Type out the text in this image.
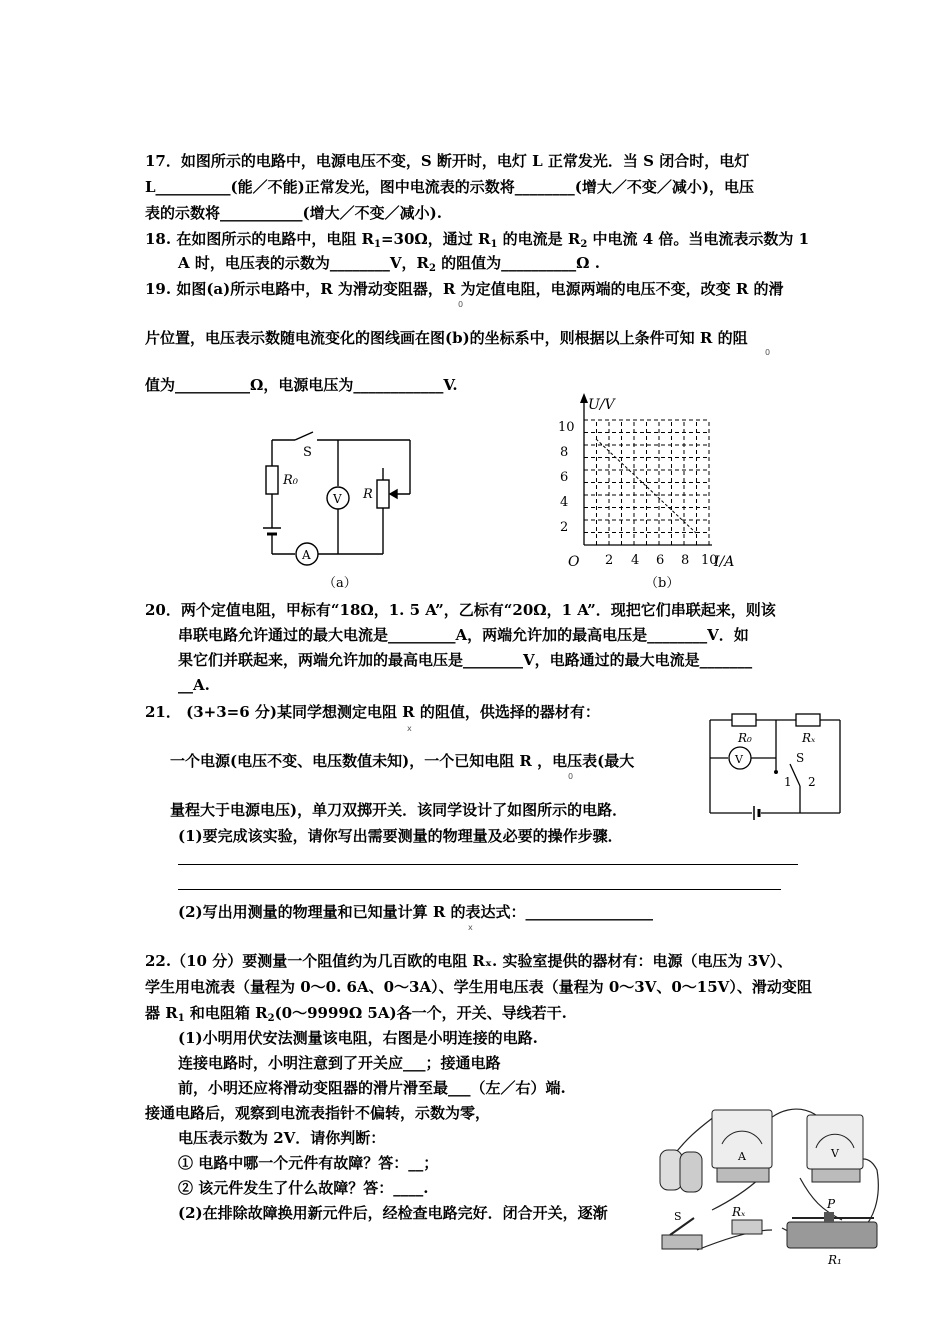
17．如图所示的电路中，电源电压不变，S 断开时，电灯 L 正常发光．当 S 闭合时，电灯
L__________(能／不能)正常发光，图中电流表的示数将________(增大／不变／减小)，电压
表的示数将___________(增大／不变／减小).
18. 在如图所示的电路中，电阻 $R_1=30\Omega$，通过 $R_1$ 的电流是 $R_2$ 中电流 4 倍。当电流表示数为 1
A 时，电压表的示数为________V，$R_2$ 的阻值为__________Ω .
19. 如图(a)所示电路中，R 为滑动变阻器，R 为定值电阻，电源两端的电压不变，改变 R 的滑
0
片位置，电压表示数随电流变化的图线画在图(b)的坐标系中，则根据以上条件可知 R 的阻
0
值为__________Ω，电源电压为____________V.
S
R₀
V R
A
（a）
U/V
I/A
O
2
4
6
8
10
2 4 6 8 10
（b）
20．两个定值电阻，甲标有“18Ω，1. 5 A”，乙标有“20Ω，1 A”．现把它们串联起来，则该
串联电路允许通过的最大电流是_________A，两端允许加的最高电压是________V．如
果它们并联起来，两端允许加的最高电压是________V，电路通过的最大电流是_______
__A.
21． (3+3=6 分)某同学想测定电阻 R 的阻值，供选择的器材有：
x
一个电源(电压不变、电压数值未知)，一个已知电阻 R ，电压表(最大
0
量程大于电源电压)，单刀双掷开关．该同学设计了如图所示的电路．
(1)要完成该实验，请你写出需要测量的物理量及必要的操作步骤．
(2)写出用测量的物理量和已知量计算 R 的表达式：_________________
x
R₀	Rₓ
V	S
1 2
22.（10 分）要测量一个阻值约为几百欧的电阻 Rₓ. 实验室提供的器材有：电源（电压为 3V）、
学生用电流表（量程为 0～0. 6A、0～3A）、学生用电压表（量程为 0～3V、0～15V）、滑动变阻
器 $R_1$ 和电阻箱 $R_2(0\sim 9999\Omega$ 5A)各一个，开关、导线若干.
(1)小明用伏安法测量该电阻，右图是小明连接的电路.
连接电路时，小明注意到了开关应___；接通电路
前，小明还应将滑动变阻器的滑片滑至最___（左／右）端.
接通电路后，观察到电流表指针不偏转，示数为零，
电压表示数为 2V．请你判断：
① 电路中哪一个元件有故障？答：__；
② 该元件发生了什么故障？答：____.
(2)在排除故障换用新元件后，经检查电路完好．闭合开关，逐渐
A	V
S	Rₓ
P
R₁
